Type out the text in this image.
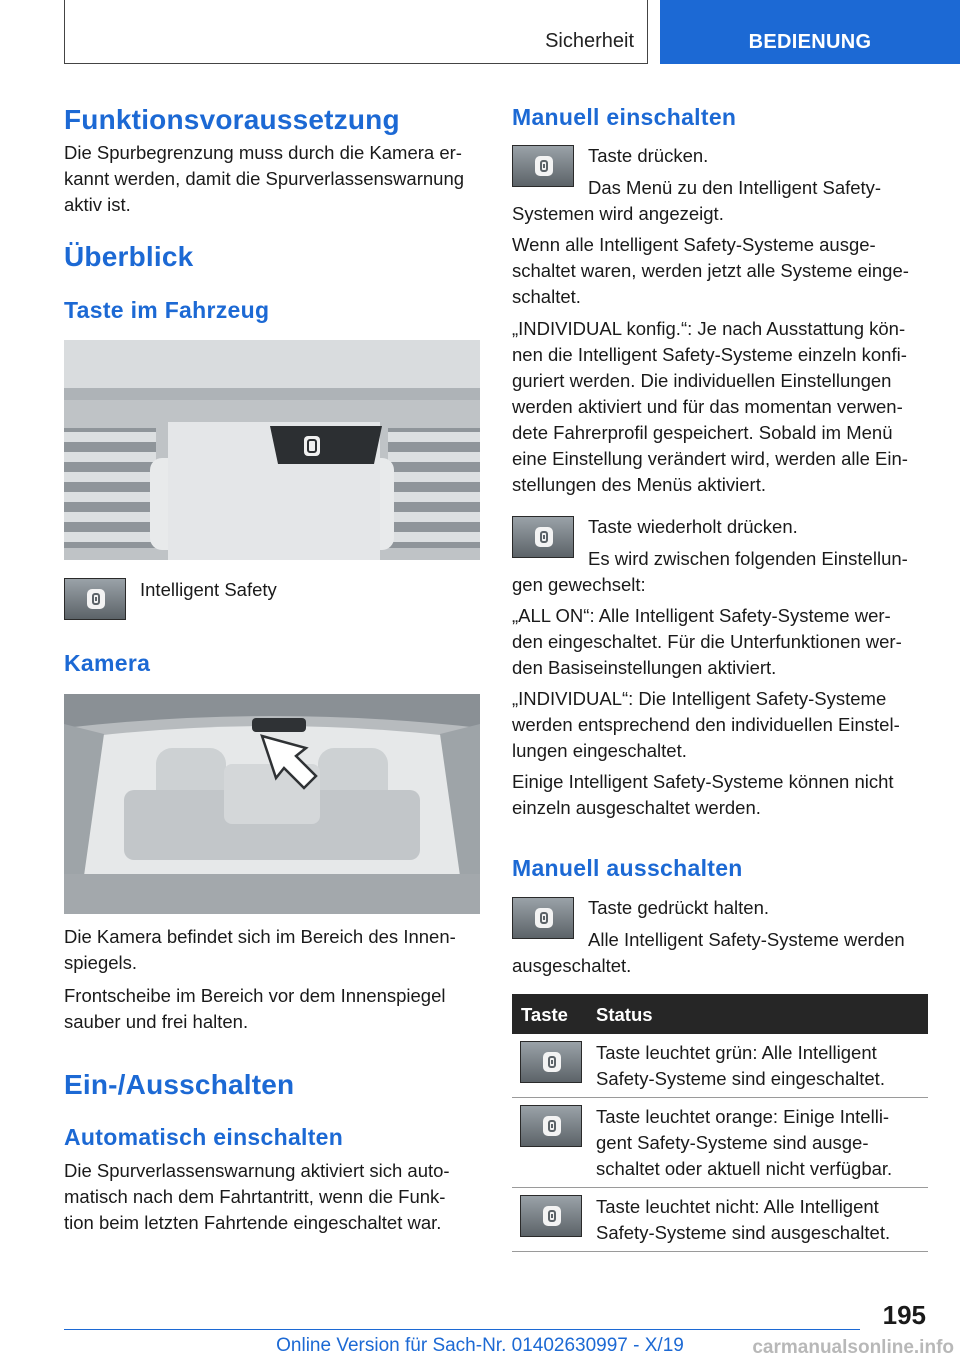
Sicherheit	BEDIENUNG
Funktionsvoraussetzung
Die Spurbegrenzung muss durch die Kamera er‐
kannt werden, damit die Spurverlassenswarnung
aktiv ist.
Überblick
Taste im Fahrzeug
Intelligent Safety
Kamera
Die Kamera befindet sich im Bereich des Innen‐
spiegels.
Frontscheibe im Bereich vor dem Innenspiegel
sauber und frei halten.
Ein-/Ausschalten
Automatisch einschalten
Die Spurverlassenswarnung aktiviert sich auto‐
matisch nach dem Fahrtantritt, wenn die Funk‐
tion beim letzten Fahrtende eingeschaltet war.
Manuell einschalten
Taste drücken.
Das Menü zu den Intelligent Safety‐
Systemen wird angezeigt.
Wenn alle Intelligent Safety-Systeme ausge‐
schaltet waren, werden jetzt alle Systeme einge‐
schaltet.
„INDIVIDUAL konfig.“: Je nach Ausstattung kön‐
nen die Intelligent Safety-Systeme einzeln konfi‐
guriert werden. Die individuellen Einstellungen
werden aktiviert und für das momentan verwen‐
dete Fahrerprofil gespeichert. Sobald im Menü
eine Einstellung verändert wird, werden alle Ein‐
stellungen des Menüs aktiviert.
Taste wiederholt drücken.
Es wird zwischen folgenden Einstellun‐
gen gewechselt:
„ALL ON“: Alle Intelligent Safety-Systeme wer‐
den eingeschaltet. Für die Unterfunktionen wer‐
den Basiseinstellungen aktiviert.
„INDIVIDUAL“: Die Intelligent Safety-Systeme
werden entsprechend den individuellen Einstel‐
lungen eingeschaltet.
Einige Intelligent Safety-Systeme können nicht
einzeln ausgeschaltet werden.
Manuell ausschalten
Taste gedrückt halten.
Alle Intelligent Safety-Systeme werden
ausgeschaltet.
Taste Status
Taste leuchtet grün: Alle Intelligent
Safety-Systeme sind eingeschaltet.
Taste leuchtet orange: Einige Intelli‐
gent Safety-Systeme sind ausge‐
schaltet oder aktuell nicht verfügbar.
Taste leuchtet nicht: Alle Intelligent
Safety-Systeme sind ausgeschaltet.
195
Online Version für Sach-Nr. 01402630997 - X/19	carmanualsonline.info
